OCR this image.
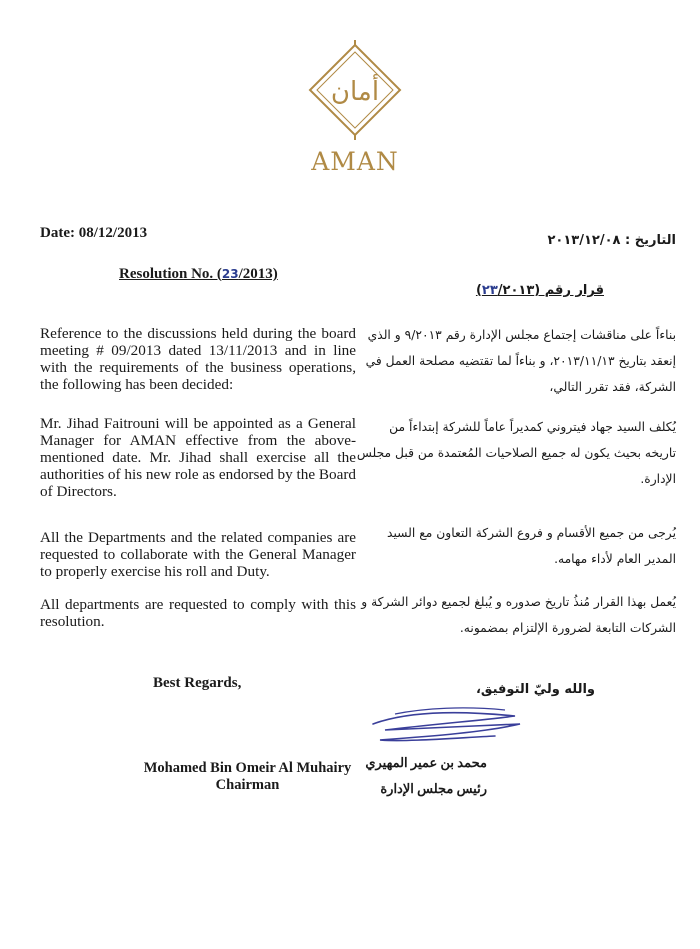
أمان
AMAN
Date: 08/12/2013	التاريخ : ٢٠١٣/١٢/٠٨
Resolution No. (23/2013)
قرار رقم (٢٣/٢٠١٣)
Reference to the discussions held during the board meeting # 09/2013 dated 13/11/2013 and in line with the requirements of the business operations, the following has been decided:
Mr. Jihad Faitrouni will be appointed as a General Manager for AMAN effective from the above-mentioned date. Mr. Jihad shall exercise all the authorities of his new role as endorsed by the Board of Directors.
All the Departments and the related companies are requested to collaborate with the General Manager to properly exercise his roll and Duty.
All departments are requested to comply with this resolution.
بناءاً على مناقشات إجتماع مجلس الإدارة رقم ٩/٢٠١٣ و الذي إنعقد بتاريخ ٢٠١٣/١١/١٣، و بناءاً لما تقتضيه مصلحة العمل في الشركة، فقد تقرر التالي،
يُكلف السيد جهاد فيتروني كمديراً عاماً للشركة إبتداءاً من تاريخه بحيث يكون له جميع الصلاحيات المُعتمدة من قبل مجلس الإدارة.
يُرجى من جميع الأقسام و فروع الشركة التعاون مع السيد المدير العام لأداء مهامه.
يُعمل بهذا القرار مُنذُ تاريخ صدوره و يُبلغ لجميع دوائر الشركة و الشركات التابعة لضرورة الإلتزام بمضمونه.
Best Regards,	والله وليّ التوفيق،
Mohamed Bin Omeir Al Muhairy
Chairman
محمد بن عمير المهيري
رئيس مجلس الإدارة
